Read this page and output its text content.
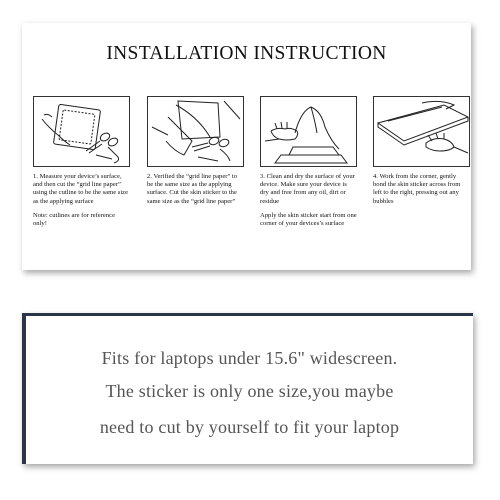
INSTALLATION INSTRUCTION
1. Measure your device’s surface, and then cut the “grid line paper” using the cutline to be the same size as the applying surface
Note: cutlines are for reference only!
2. Verified the “grid line paper” to be the same size as the applying surface. Cut the skin sticker to the same size as the “grid line paper”
3. Clean and dry the surface of your device. Make sure your device is dry and free from any oil, dirt or residue
Apply the skin sticker start from one corner of your devices’s surface
4. Work from the corner, gently bond the skin sticker across from left to the right, pressing out any bubbles
Fits for laptops under 15.6" widescreen.
The sticker is only one size,you maybe
need to cut by yourself to fit your laptop
